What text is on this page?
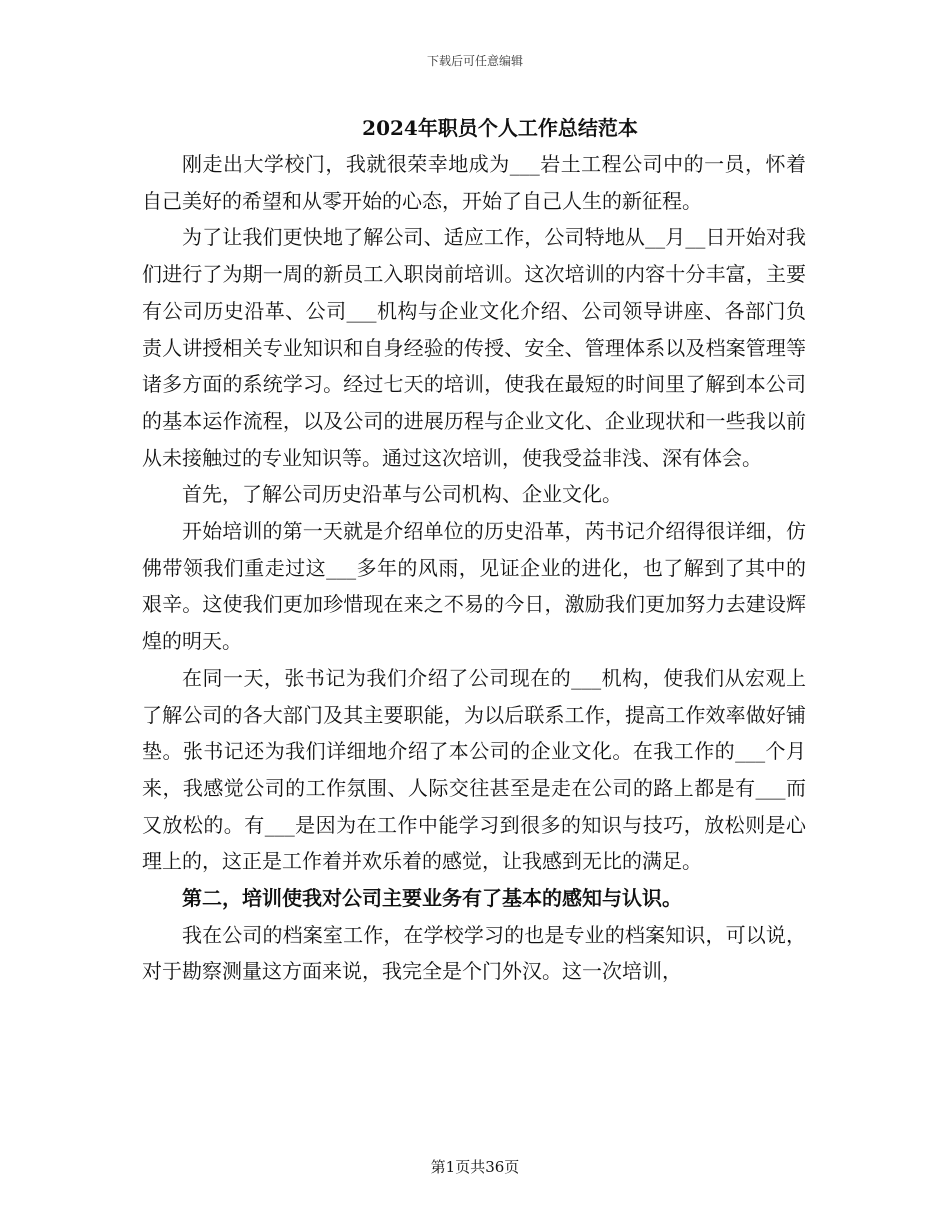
下载后可任意编辑
2024年职员个人工作总结范本

刚走出大学校门，我就很荣幸地成为___岩土工程公司中的一员，怀着自己美好的希望和从零开始的心态，开始了自己人生的新征程。

为了让我们更快地了解公司、适应工作，公司特地从__月__日开始对我们进行了为期一周的新员工入职岗前培训。这次培训的内容十分丰富，主要有公司历史沿革、公司___机构与企业文化介绍、公司领导讲座、各部门负责人讲授相关专业知识和自身经验的传授、安全、管理体系以及档案管理等诸多方面的系统学习。经过七天的培训，使我在最短的时间里了解到本公司的基本运作流程，以及公司的进展历程与企业文化、企业现状和一些我以前从未接触过的专业知识等。通过这次培训，使我受益非浅、深有体会。

首先，了解公司历史沿革与公司机构、企业文化。

开始培训的第一天就是介绍单位的历史沿革，芮书记介绍得很详细，仿佛带领我们重走过这___多年的风雨，见证企业的进化，也了解到了其中的艰辛。这使我们更加珍惜现在来之不易的今日，激励我们更加努力去建设辉煌的明天。

在同一天，张书记为我们介绍了公司现在的___机构，使我们从宏观上了解公司的各大部门及其主要职能，为以后联系工作，提高工作效率做好铺垫。张书记还为我们详细地介绍了本公司的企业文化。在我工作的___个月来，我感觉公司的工作氛围、人际交往甚至是走在公司的路上都是有___而又放松的。有___是因为在工作中能学习到很多的知识与技巧，放松则是心理上的，这正是工作着并欢乐着的感觉，让我感到无比的满足。

第二，培训使我对公司主要业务有了基本的感知与认识。

我在公司的档案室工作，在学校学习的也是专业的档案知识，可以说，对于勘察测量这方面来说，我完全是个门外汉。这一次培训，

第1页共36页
